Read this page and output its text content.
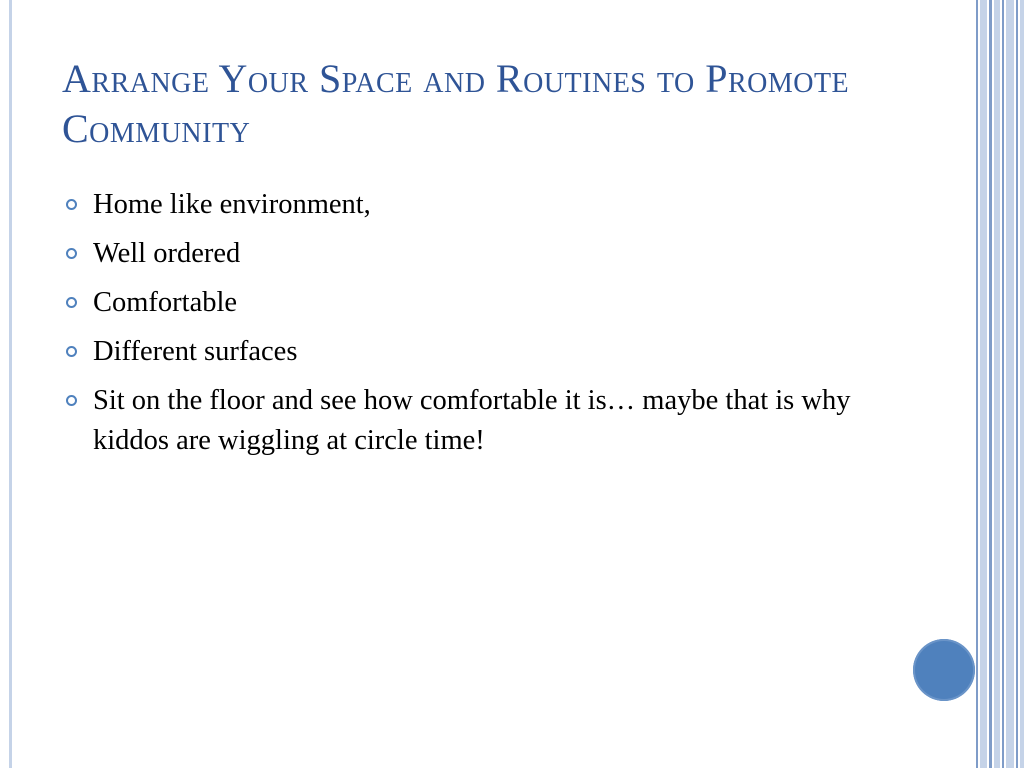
Arrange Your Space and Routines to Promote Community
Home like environment,
Well ordered
Comfortable
Different surfaces
Sit on the floor and see how comfortable it is… maybe that is why kiddos are wiggling at circle time!
